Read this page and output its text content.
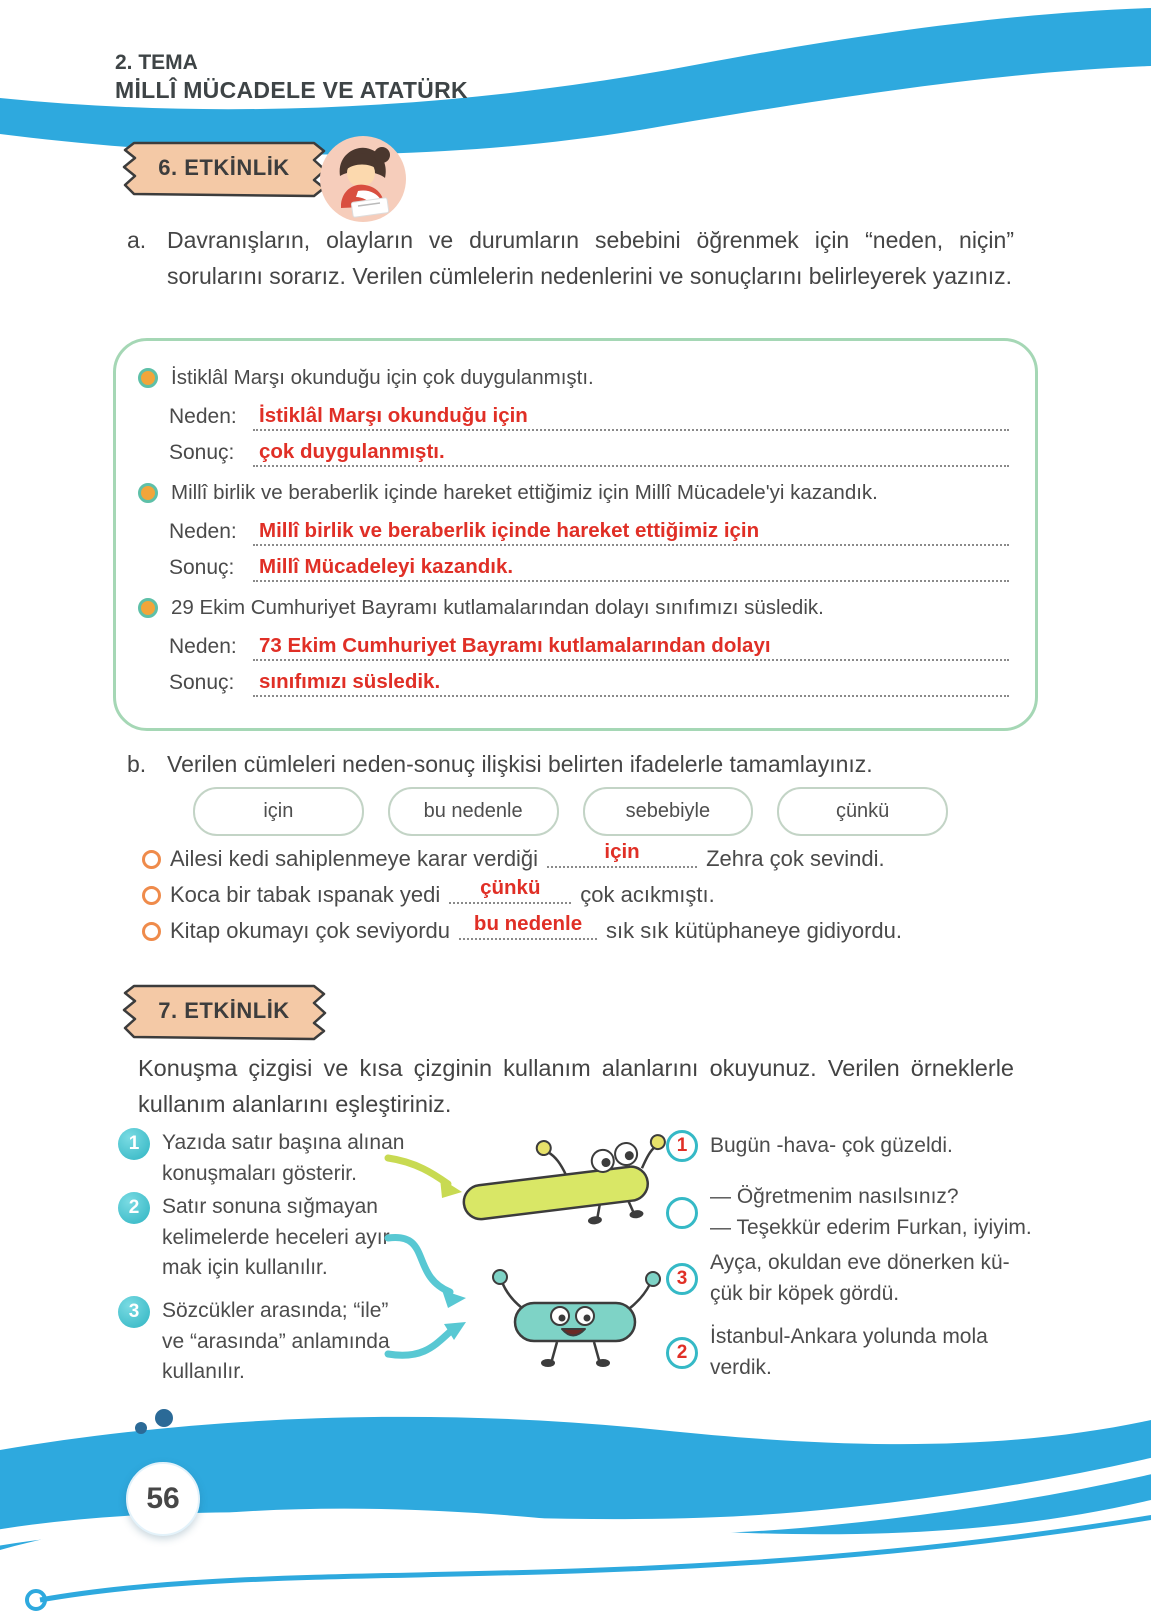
2. TEMA
MİLLÎ MÜCADELE VE ATATÜRK
6. ETKİNLİK
a. Davranışların, olayların ve durumların sebebini öğrenmek için “neden, niçin” sorularını sorarız. Verilen cümlelerin nedenlerini ve sonuçlarını belirleyerek yazınız.
İstiklâl Marşı okunduğu için çok duygulanmıştı.
Neden:	İstiklâl Marşı okunduğu için
Sonuç:	çok duygulanmıştı.
Millî birlik ve beraberlik içinde hareket ettiğimiz için Millî Mücadele'yi kazandık.
Neden:	Millî birlik ve beraberlik içinde hareket ettiğimiz için
Sonuç:	Millî Mücadeleyi kazandık.
29 Ekim Cumhuriyet Bayramı kutlamalarından dolayı sınıfımızı süsledik.
Neden:	73 Ekim Cumhuriyet Bayramı kutlamalarından dolayı
Sonuç:	sınıfımızı süsledik.
b. Verilen cümleleri neden-sonuç ilişkisi belirten ifadelerle tamamlayınız.
için	bu nedenle	sebebiyle	çünkü
Ailesi kedi sahiplenmeye karar verdiği	için	Zehra çok sevindi.
Koca bir tabak ıspanak yedi	çünkü	çok acıkmıştı.
Kitap okumayı çok seviyordu	bu nedenle	sık sık kütüphaneye gidiyordu.
7. ETKİNLİK
Konuşma çizgisi ve kısa çizginin kullanım alanlarını okuyunuz. Verilen örneklerle kullanım alanlarını eşleştiriniz.
1	Yazıda satır başına alınan
konuşmaları gösterir.
2	Satır sonuna sığmayan
kelimelerde heceleri ayır-
mak için kullanılır.
3	Sözcükler arasında; “ile”
ve “arasında” anlamında
kullanılır.
1	Bugün -hava- çok güzeldi.
— Öğretmenim nasılsınız?
— Teşekkür ederim Furkan, iyiyim.
3
Ayça, okuldan eve dönerken kü-
çük bir köpek gördü.
2
İstanbul-Ankara yolunda mola
verdik.
56
